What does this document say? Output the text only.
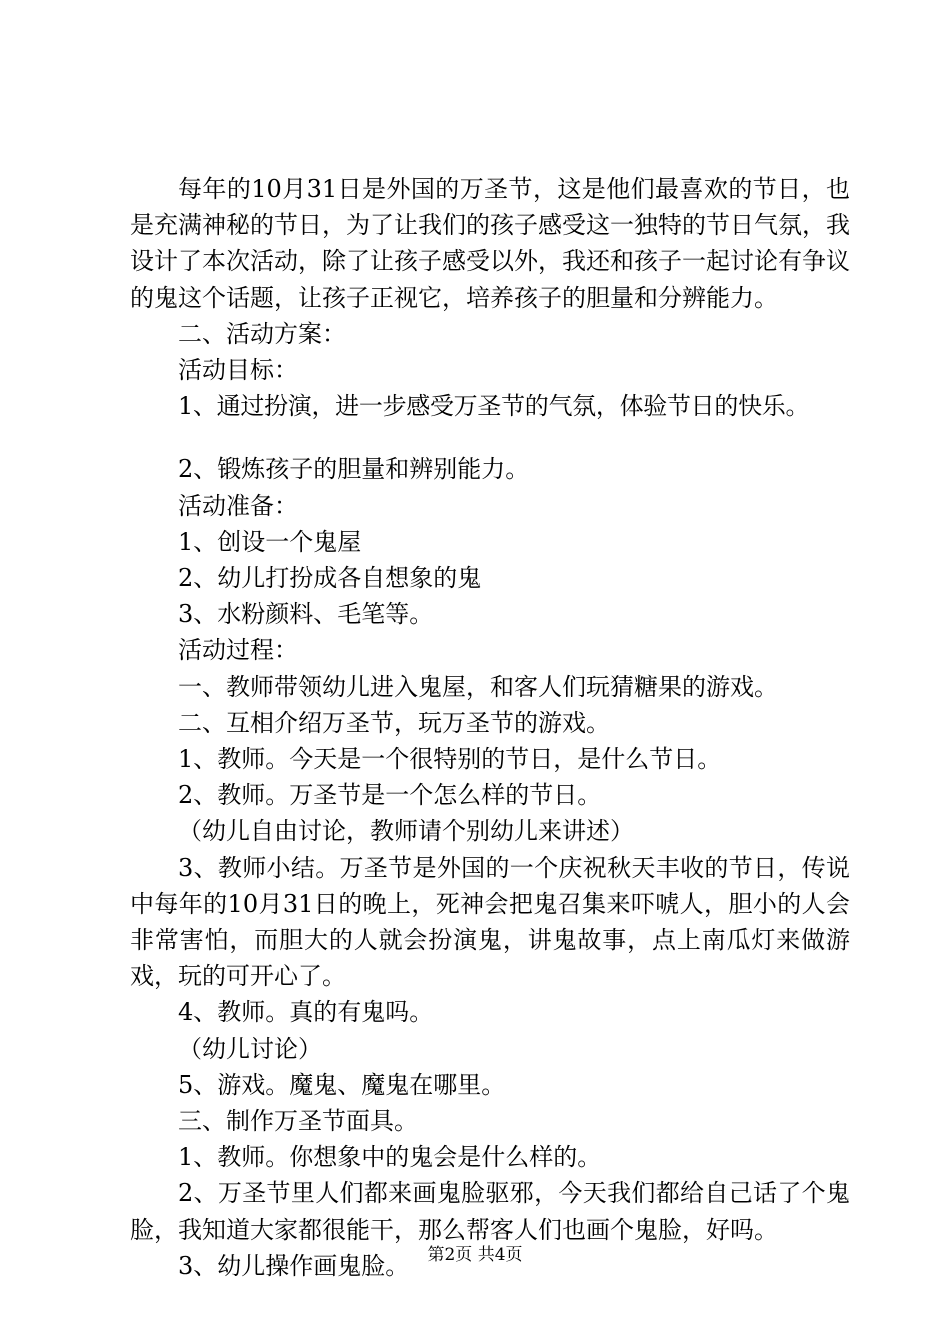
每年的10月31日是外国的万圣节，这是他们最喜欢的节日，也是充满神秘的节日，为了让我们的孩子感受这一独特的节日气氛，我设计了本次活动，除了让孩子感受以外，我还和孩子一起讨论有争议的鬼这个话题，让孩子正视它，培养孩子的胆量和分辨能力。

二、活动方案：

活动目标：

1、通过扮演，进一步感受万圣节的气氛，体验节日的快乐。

2、锻炼孩子的胆量和辨别能力。

活动准备：

1、创设一个鬼屋

2、幼儿打扮成各自想象的鬼

3、水粉颜料、毛笔等。

活动过程：

一、教师带领幼儿进入鬼屋，和客人们玩猜糖果的游戏。

二、互相介绍万圣节，玩万圣节的游戏。

1、教师。今天是一个很特别的节日，是什么节日。

2、教师。万圣节是一个怎么样的节日。

（幼儿自由讨论，教师请个别幼儿来讲述）

3、教师小结。万圣节是外国的一个庆祝秋天丰收的节日，传说中每年的10月31日的晚上，死神会把鬼召集来吓唬人，胆小的人会非常害怕，而胆大的人就会扮演鬼，讲鬼故事，点上南瓜灯来做游戏，玩的可开心了。

4、教师。真的有鬼吗。

（幼儿讨论）

5、游戏。魔鬼、魔鬼在哪里。

三、制作万圣节面具。

1、教师。你想象中的鬼会是什么样的。

2、万圣节里人们都来画鬼脸驱邪，今天我们都给自己话了个鬼脸，我知道大家都很能干，那么帮客人们也画个鬼脸，好吗。

3、幼儿操作画鬼脸。	第2页 共4页
